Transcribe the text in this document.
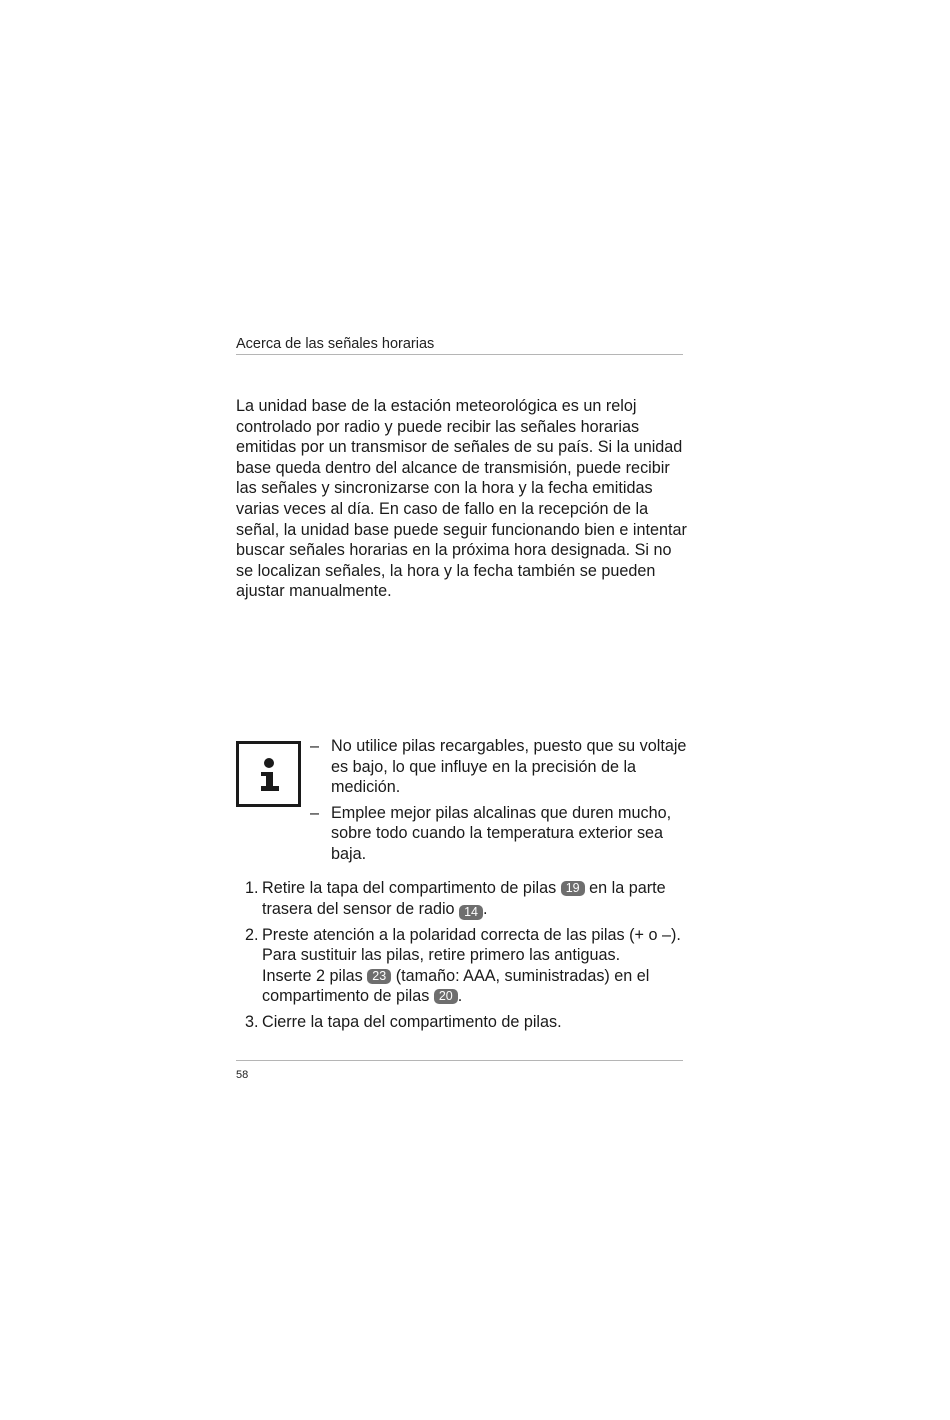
Acerca de las señales horarias

La unidad base de la estación meteorológica es un reloj controlado por radio y puede recibir las señales horarias emitidas por un transmisor de señales de su país. Si la unidad base queda dentro del alcance de transmisión, puede recibir las señales y sincronizarse con la hora y la fecha emitidas varias veces al día. En caso de fallo en la recepción de la señal, la unidad base puede seguir funcionando bien e intentar buscar señales horarias en la próxima hora designada. Si no se localizan señales, la hora y la fecha también se pueden ajustar manualmente.

– No utilice pilas recargables, puesto que su voltaje es bajo, lo que influye en la precisión de la medición.
– Emplee mejor pilas alcalinas que duren mucho, sobre todo cuando la temperatura exterior sea baja.
1. Retire la tapa del compartimento de pilas 19 en la parte trasera del sensor de radio 14 .
2. Preste atención a la polaridad correcta de las pilas (+ o –). Para sustituir las pilas, retire primero las antiguas.
Inserte 2 pilas 23 (tamaño: AAA, suministradas) en el compartimento de pilas 20 .
3. Cierre la tapa del compartimento de pilas.
58
